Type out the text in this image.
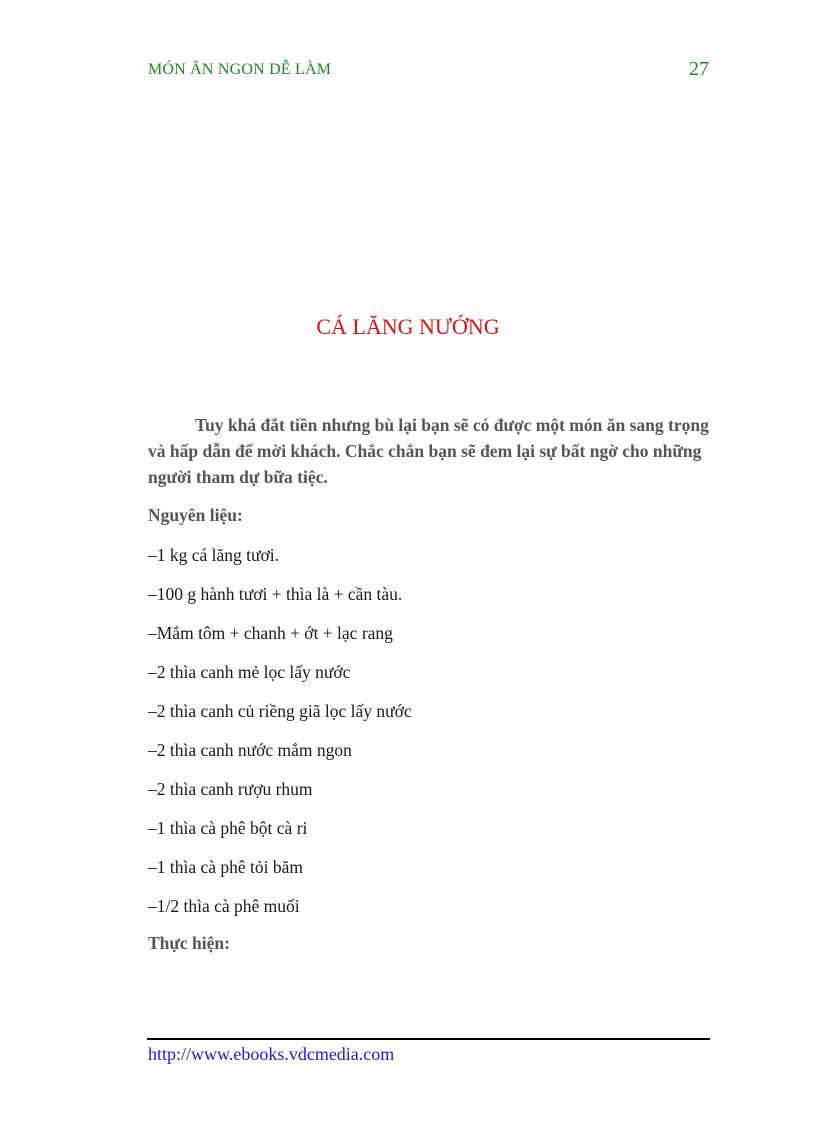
MÓN ĂN NGON DỄ LÀM	27
CÁ LĂNG NƯỚNG

Tuy khá đắt tiền nhưng bù lại bạn sẽ có được một món ăn sang trọng và hấp dẫn để mời khách. Chắc chắn bạn sẽ đem lại sự bất ngờ cho những người tham dự bữa tiệc.

Nguyên liệu:
–1 kg cá lăng tươi.
–100 g hành tươi + thìa là + cần tàu.
–Mắm tôm + chanh + ớt + lạc rang
–2 thìa canh mẻ lọc lấy nước
–2 thìa canh củ riềng giã lọc lấy nước
–2 thìa canh nước mắm ngon
–2 thìa canh rượu rhum
–1 thìa cà phê bột cà ri
–1 thìa cà phê tỏi băm
–1/2 thìa cà phê muối
Thực hiện:
http://www.ebooks.vdcmedia.com
